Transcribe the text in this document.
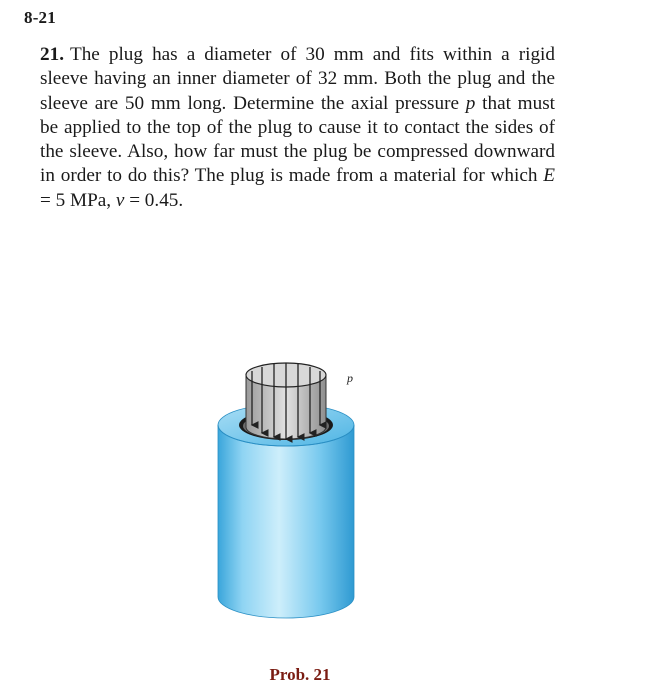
8-21
21. The plug has a diameter of 30 mm and fits within a rigid sleeve having an inner diameter of 32 mm. Both the plug and the sleeve are 50 mm long. Determine the axial pressure p that must be applied to the top of the plug to cause it to contact the sides of the sleeve. Also, how far must the plug be compressed downward in order to do this? The plug is made from a material for which E = 5 MPa, ν = 0.45.
p
Prob. 21
